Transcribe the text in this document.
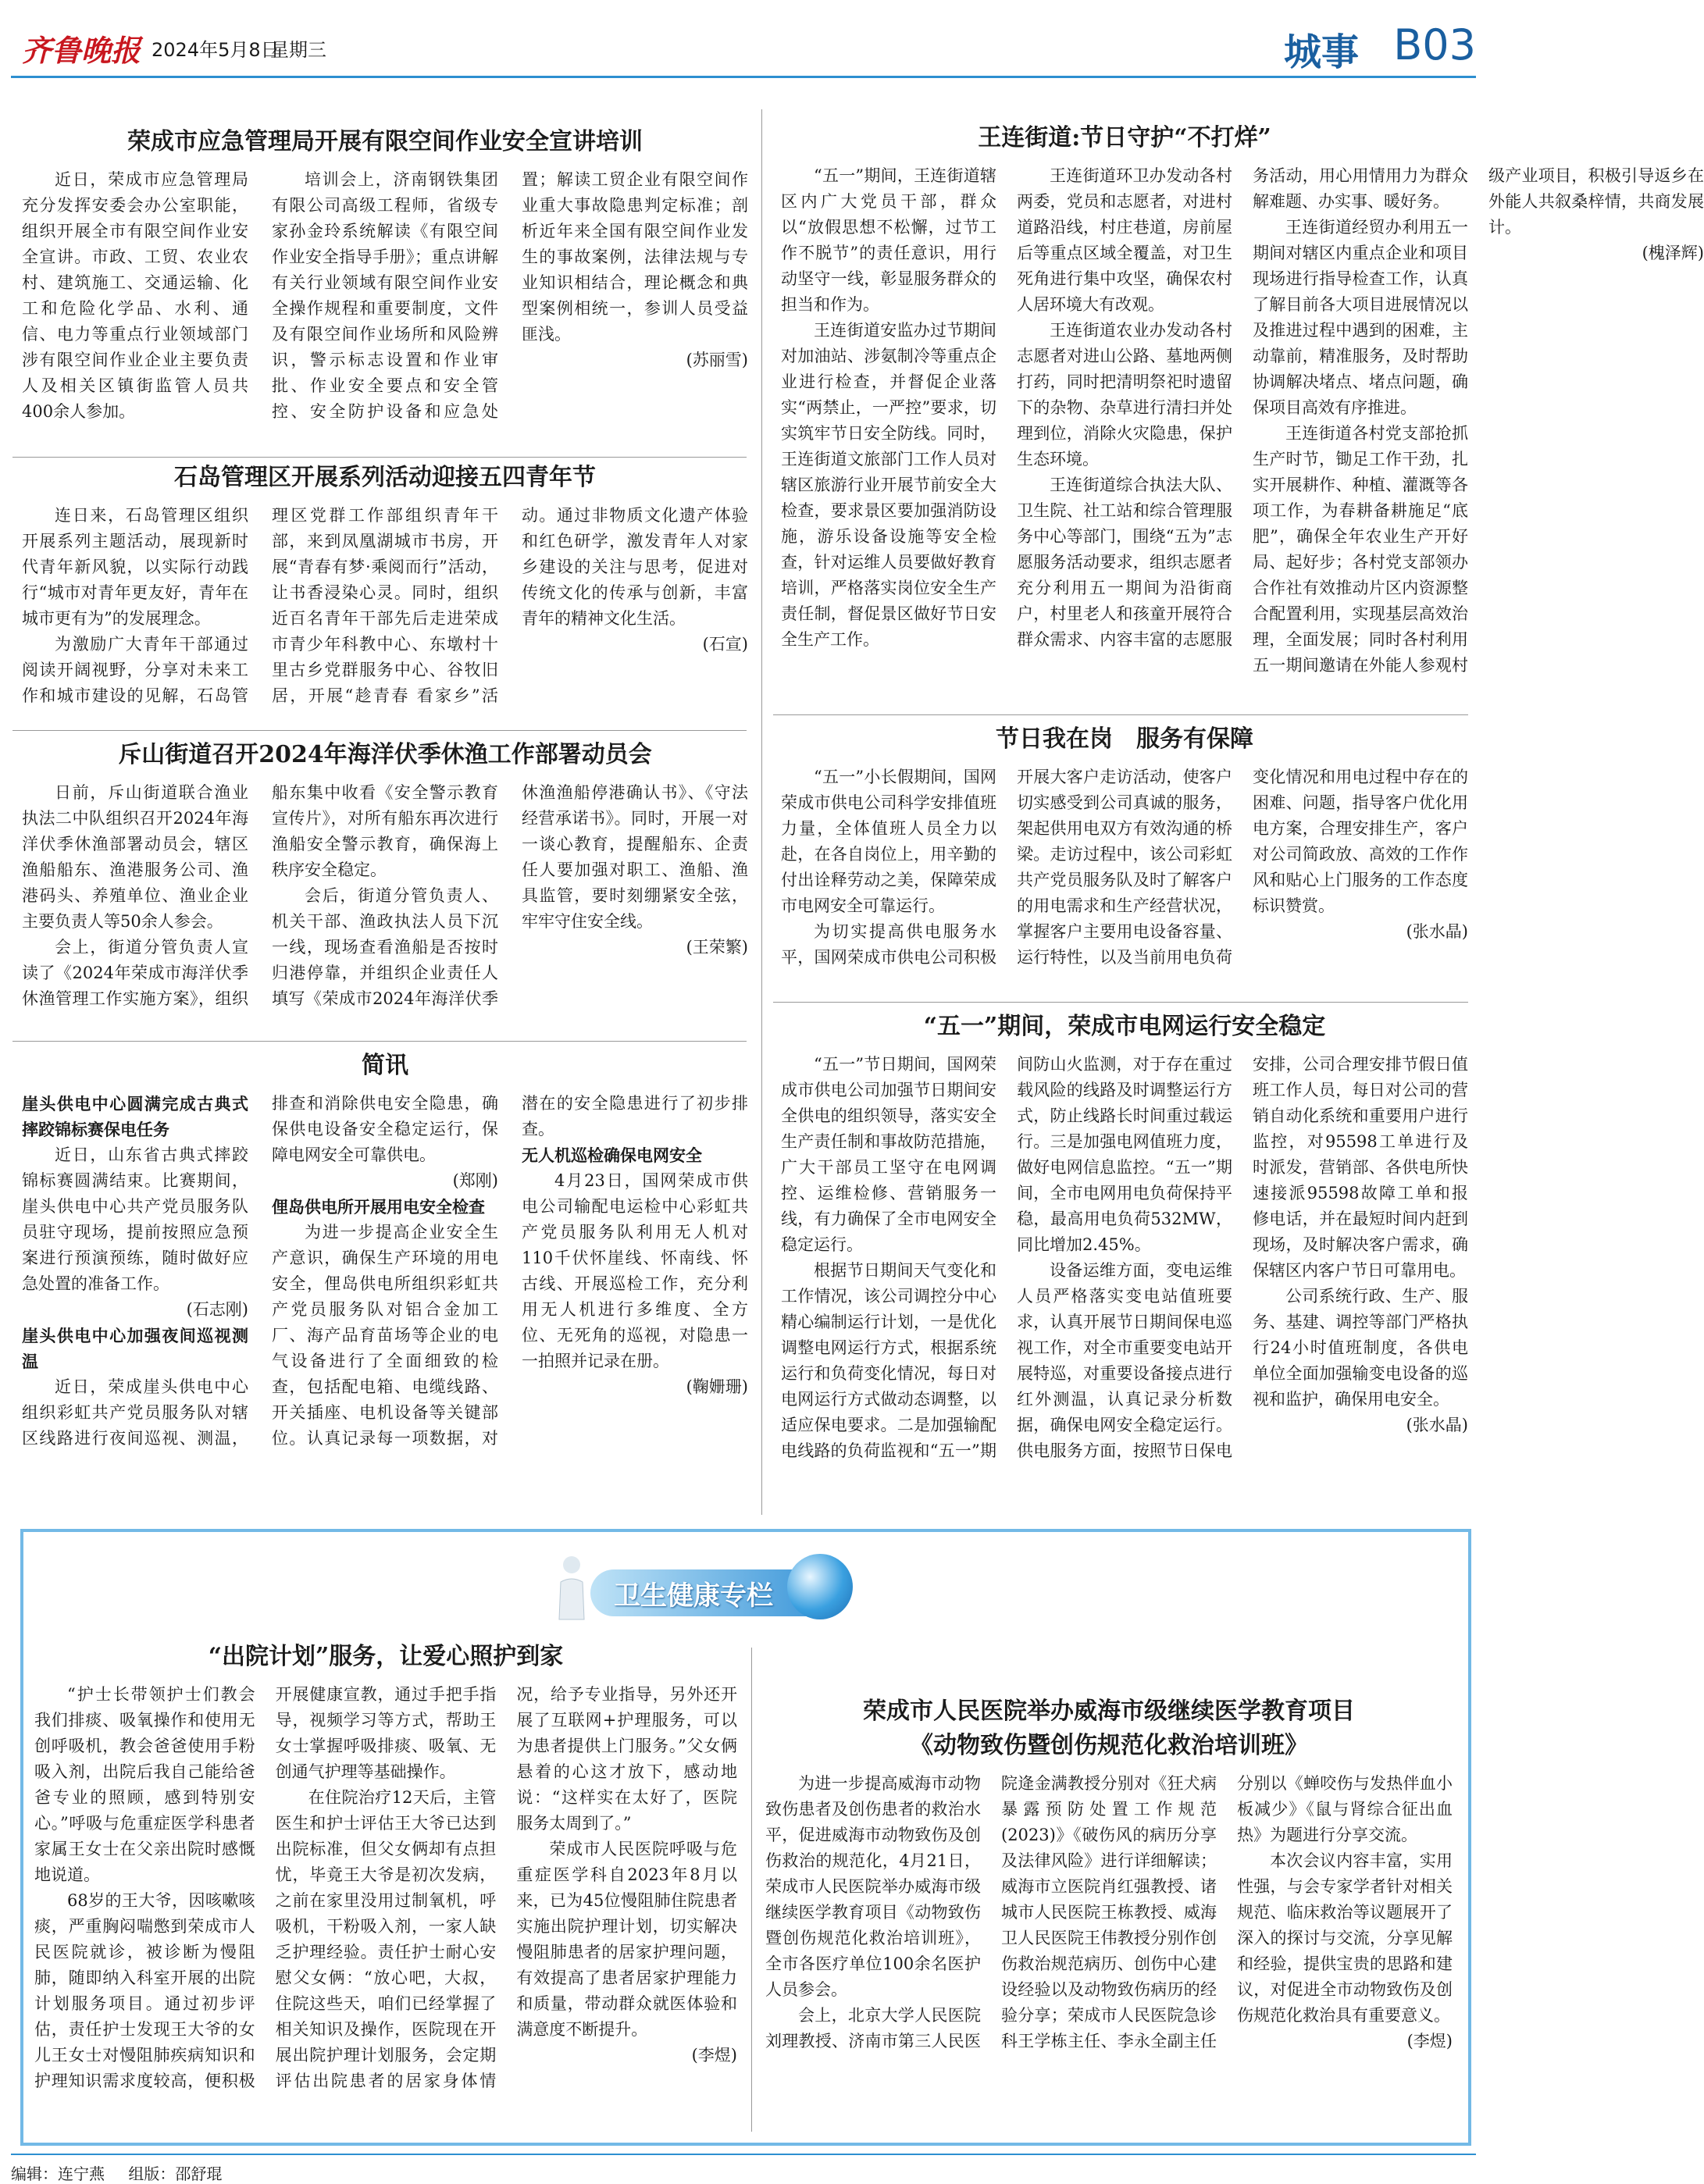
齐鲁晚报 2024年5月8日
星期三	城事 B03
荣成市应急管理局开展有限空间作业安全宣讲培训

近日，荣成市应急管理局充分发挥安委会办公室职能，组织开展全市有限空间作业安全宣讲。市政、工贸、农业农村、建筑施工、交通运输、化工和危险化学品、水利、通信、电力等重点行业领域部门涉有限空间作业企业主要负责人及相关区镇街监管人员共400余人参加。

培训会上，济南钢铁集团有限公司高级工程师，省级专家孙金玲系统解读《有限空间作业安全指导手册》；重点讲解有关行业领域有限空间作业安全操作规程和重要制度，文件及有限空间作业场所和风险辨识，警示标志设置和作业审批、作业安全要点和安全管控、安全防护设备和应急处置；解读工贸企业有限空间作业重大事故隐患判定标准；剖析近年来全国有限空间作业发生的事故案例，法律法规与专业知识相结合，理论概念和典型案例相统一，参训人员受益匪浅。

(苏丽雪)
石岛管理区开展系列活动迎接五四青年节

连日来，石岛管理区组织开展系列主题活动，展现新时代青年新风貌，以实际行动践行“城市对青年更友好，青年在城市更有为”的发展理念。

为激励广大青年干部通过阅读开阔视野，分享对未来工作和城市建设的见解，石岛管理区党群工作部组织青年干部，来到凤凰湖城市书房，开展“青春有梦·乘阅而行”活动，让书香浸染心灵。同时，组织近百名青年干部先后走进荣成市青少年科教中心、东墩村十里古乡党群服务中心、谷牧旧居，开展“趁青春 看家乡”活动。通过非物质文化遗产体验和红色研学，激发青年人对家乡建设的关注与思考，促进对传统文化的传承与创新，丰富青年的精神文化生活。

(石宣)
斥山街道召开2024年海洋伏季休渔工作部署动员会

日前，斥山街道联合渔业执法二中队组织召开2024年海洋伏季休渔部署动员会，辖区渔船船东、渔港服务公司、渔港码头、养殖单位、渔业企业主要负责人等50余人参会。

会上，街道分管负责人宣读了《2024年荣成市海洋伏季休渔管理工作实施方案》，组织船东集中收看《安全警示教育宣传片》，对所有船东再次进行渔船安全警示教育，确保海上秩序安全稳定。

会后，街道分管负责人、机关干部、渔政执法人员下沉一线，现场查看渔船是否按时归港停靠，并组织企业责任人填写《荣成市2024年海洋伏季休渔渔船停港确认书》、《守法经营承诺书》。同时，开展一对一谈心教育，提醒船东、企责任人要加强对职工、渔船、渔具监管，要时刻绷紧安全弦，牢牢守住安全线。

(王荣繁)
简讯
崖头供电中心圆满完成古典式摔跤锦标赛保电任务

近日，山东省古典式摔跤锦标赛圆满结束。比赛期间，崖头供电中心共产党员服务队员驻守现场，提前按照应急预案进行预演预练，随时做好应急处置的准备工作。

(石志刚)
崖头供电中心加强夜间巡视测温

近日，荣成崖头供电中心组织彩虹共产党员服务队对辖区线路进行夜间巡视、测温，排查和消除供电安全隐患，确保供电设备安全稳定运行，保障电网安全可靠供电。

(郑刚)
俚岛供电所开展用电安全检查

为进一步提高企业安全生产意识，确保生产环境的用电安全，俚岛供电所组织彩虹共产党员服务队对铝合金加工厂、海产品育苗场等企业的电气设备进行了全面细致的检查，包括配电箱、电缆线路、开关插座、电机设备等关键部位。认真记录每一项数据，对潜在的安全隐患进行了初步排查。

无人机巡检确保电网安全

4月23日，国网荣成市供电公司输配电运检中心彩虹共产党员服务队利用无人机对110千伏怀崖线、怀南线、怀古线、开展巡检工作，充分利用无人机进行多维度、全方位、无死角的巡视，对隐患一一拍照并记录在册。

(鞠姗珊)
王连街道:节日守护“不打烊”

“五一”期间，王连街道辖区内广大党员干部，群众以“放假思想不松懈，过节工作不脱节”的责任意识，用行动坚守一线，彰显服务群众的担当和作为。

王连街道安监办过节期间对加油站、涉氨制冷等重点企业进行检查，并督促企业落实“两禁止，一严控”要求，切实筑牢节日安全防线。同时，王连街道文旅部门工作人员对辖区旅游行业开展节前安全大检查，要求景区要加强消防设施，游乐设备设施等安全检查，针对运维人员要做好教育培训，严格落实岗位安全生产责任制，督促景区做好节日安全生产工作。

王连街道环卫办发动各村两委，党员和志愿者，对进村道路沿线，村庄巷道，房前屋后等重点区域全覆盖，对卫生死角进行集中攻坚，确保农村人居环境大有改观。

王连街道农业办发动各村志愿者对进山公路、墓地两侧打药，同时把清明祭祀时遗留下的杂物、杂草进行清扫并处理到位，消除火灾隐患，保护生态环境。

王连街道综合执法大队、卫生院、社工站和综合管理服务中心等部门，围绕“五为”志愿服务活动要求，组织志愿者充分利用五一期间为沿街商户，村里老人和孩童开展符合群众需求、内容丰富的志愿服务活动，用心用情用力为群众解难题、办实事、暖好务。

王连街道经贸办利用五一期间对辖区内重点企业和项目现场进行指导检查工作，认真了解目前各大项目进展情况以及推进过程中遇到的困难，主动靠前，精准服务，及时帮助协调解决堵点、堵点问题，确保项目高效有序推进。

王连街道各村党支部抢抓生产时节，锄足工作干劲，扎实开展耕作、种植、灌溉等各项工作，为春耕备耕施足“底肥”，确保全年农业生产开好局、起好步；各村党支部领办合作社有效推动片区内资源整合配置利用，实现基层高效治理，全面发展；同时各村利用五一期间邀请在外能人参观村级产业项目，积极引导返乡在外能人共叙桑梓情，共商发展计。

(槐泽辉)
节日我在岗　服务有保障

“五一”小长假期间，国网荣成市供电公司科学安排值班力量，全体值班人员全力以赴，在各自岗位上，用辛勤的付出诠释劳动之美，保障荣成市电网安全可靠运行。

为切实提高供电服务水平，国网荣成市供电公司积极开展大客户走访活动，使客户切实感受到公司真诚的服务，架起供用电双方有效沟通的桥梁。走访过程中，该公司彩虹共产党员服务队及时了解客户的用电需求和生产经营状况，掌握客户主要用电设备容量、运行特性，以及当前用电负荷变化情况和用电过程中存在的困难、问题，指导客户优化用电方案，合理安排生产，客户对公司简政放、高效的工作作风和贴心上门服务的工作态度标识赞赏。

(张水晶)
“五一”期间，荣成市电网运行安全稳定

“五一”节日期间，国网荣成市供电公司加强节日期间安全供电的组织领导，落实安全生产责任制和事故防范措施，广大干部员工坚守在电网调控、运维检修、营销服务一线，有力确保了全市电网安全稳定运行。

根据节日期间天气变化和工作情况，该公司调控分中心精心编制运行计划，一是优化调整电网运行方式，根据系统运行和负荷变化情况，每日对电网运行方式做动态调整，以适应保电要求。二是加强输配电线路的负荷监视和“五一”期间防山火监测，对于存在重过载风险的线路及时调整运行方式，防止线路长时间重过载运行。三是加强电网值班力度，做好电网信息监控。“五一”期间，全市电网用电负荷保持平稳，最高用电负荷532MW，同比增加2.45%。

设备运维方面，变电运维人员严格落实变电站值班要求，认真开展节日期间保电巡视工作，对全市重要变电站开展特巡，对重要设备接点进行红外测温，认真记录分析数据，确保电网安全稳定运行。供电服务方面，按照节日保电安排，公司合理安排节假日值班工作人员，每日对公司的营销自动化系统和重要用户进行监控，对95598工单进行及时派发，营销部、各供电所快速接派95598故障工单和报修电话，并在最短时间内赶到现场，及时解决客户需求，确保辖区内客户节日可靠用电。

公司系统行政、生产、服务、基建、调控等部门严格执行24小时值班制度，各供电单位全面加强输变电设备的巡视和监护，确保用电安全。

(张水晶)
卫生健康专栏
“出院计划”服务，让爱心照护到家

“护士长带领护士们教会我们排痰、吸氧操作和使用无创呼吸机，教会爸爸使用手粉吸入剂，出院后我自己能给爸爸专业的照顾，感到特别安心。”呼吸与危重症医学科患者家属王女士在父亲出院时感慨地说道。

68岁的王大爷，因咳嗽咳痰，严重胸闷喘憋到荣成市人民医院就诊，被诊断为慢阻肺，随即纳入科室开展的出院计划服务项目。通过初步评估，责任护士发现王大爷的女儿王女士对慢阻肺疾病知识和护理知识需求度较高，便积极开展健康宣教，通过手把手指导，视频学习等方式，帮助王女士掌握呼吸排痰、吸氧、无创通气护理等基础操作。

在住院治疗12天后，主管医生和护士评估王大爷已达到出院标准，但父女俩却有点担忧，毕竟王大爷是初次发病，之前在家里没用过制氧机，呼吸机，干粉吸入剂，一家人缺乏护理经验。责任护士耐心安慰父女俩：“放心吧，大叔，住院这些天，咱们已经掌握了相关知识及操作，医院现在开展出院护理计划服务，会定期评估出院患者的居家身体情况，给予专业指导，另外还开展了互联网+护理服务，可以为患者提供上门服务。”父女俩悬着的心这才放下，感动地说：“这样实在太好了，医院服务太周到了。”

荣成市人民医院呼吸与危重症医学科自2023年8月以来，已为45位慢阻肺住院患者实施出院护理计划，切实解决慢阻肺患者的居家护理问题，有效提高了患者居家护理能力和质量，带动群众就医体验和满意度不断提升。

(李煜)
荣成市人民医院举办威海市级继续医学教育项目
《动物致伤暨创伤规范化救治培训班》

为进一步提高威海市动物致伤患者及创伤患者的救治水平，促进威海市动物致伤及创伤救治的规范化，4月21日，荣成市人民医院举办威海市级继续医学教育项目《动物致伤暨创伤规范化救治培训班》，全市各医疗单位100余名医护人员参会。

会上，北京大学人民医院刘理教授、济南市第三人民医院逄金满教授分别对《狂犬病暴露预防处置工作规范(2023)》《破伤风的病历分享及法律风险》进行详细解读；威海市立医院肖红强教授、诸城市人民医院王栋教授、威海卫人民医院王伟教授分别作创伤救治规范病历、创伤中心建设经验以及动物致伤病历的经验分享；荣成市人民医院急诊科王学栋主任、李永全副主任分别以《蝉咬伤与发热伴血小板减少》《鼠与肾综合征出血热》为题进行分享交流。

本次会议内容丰富，实用性强，与会专家学者针对相关规范、临床救治等议题展开了深入的探讨与交流，分享见解和经验，提供宝贵的思路和建议，对促进全市动物致伤及创伤规范化救治具有重要意义。

(李煜)
编辑：连宁燕 组版：邵舒琨
